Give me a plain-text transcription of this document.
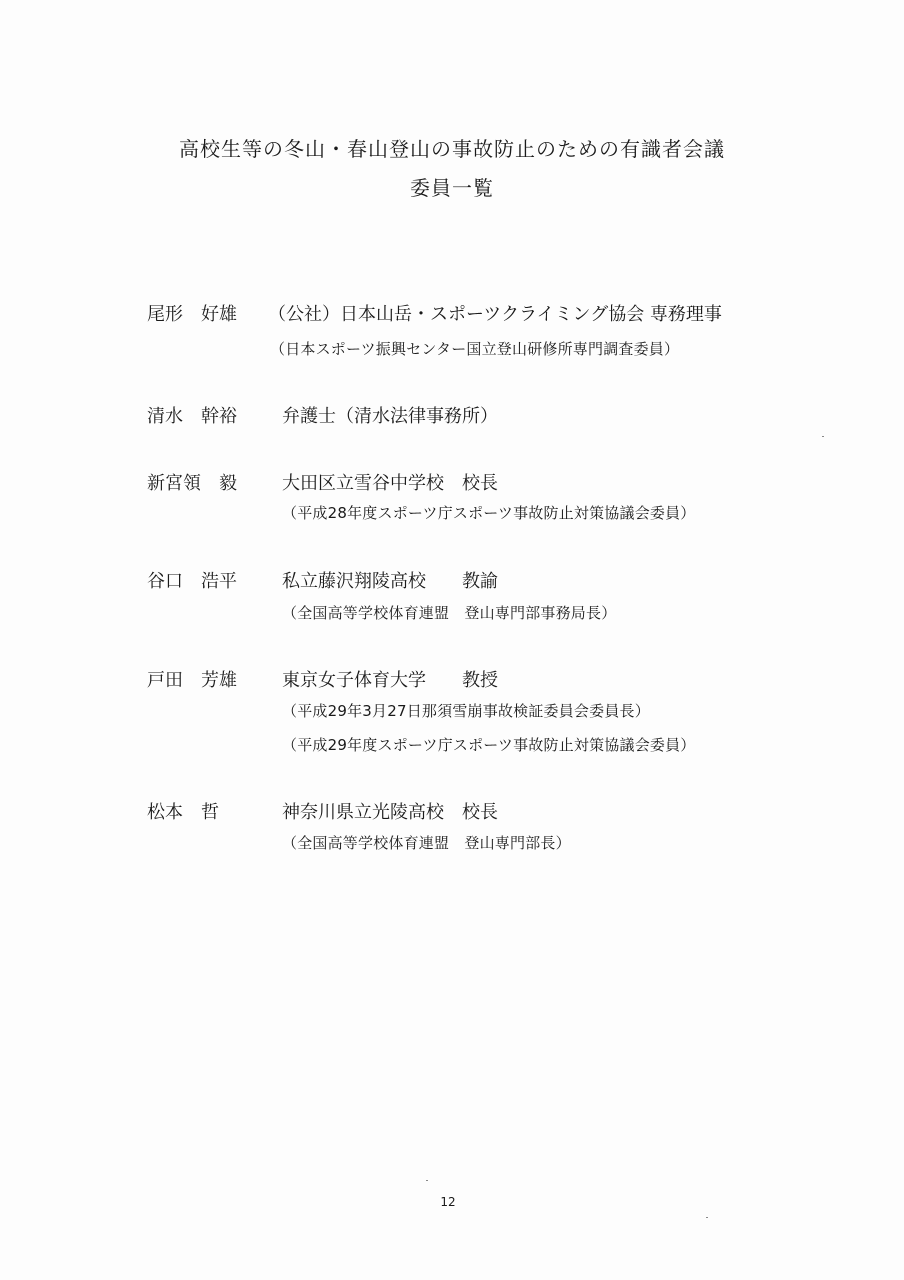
高校生等の冬山・春山登山の事故防止のための有識者会議
委員一覧
尾形　好雄 （公社）日本山岳・スポーツクライミング協会 専務理事
（日本スポーツ振興センター国立登山研修所専門調査委員）
清水　幹裕	弁護士（清水法律事務所）
新宮領　毅	大田区立雪谷中学校　校長
（平成28年度スポーツ庁スポーツ事故防止対策協議会委員）
谷口　浩平	私立藤沢翔陵高校　　教諭
（全国高等学校体育連盟　登山専門部事務局長）
戸田　芳雄	東京女子体育大学　　教授
（平成29年3月27日那須雪崩事故検証委員会委員長）
（平成29年度スポーツ庁スポーツ事故防止対策協議会委員）
松本　哲	神奈川県立光陵高校　校長
（全国高等学校体育連盟　登山専門部長）
12
